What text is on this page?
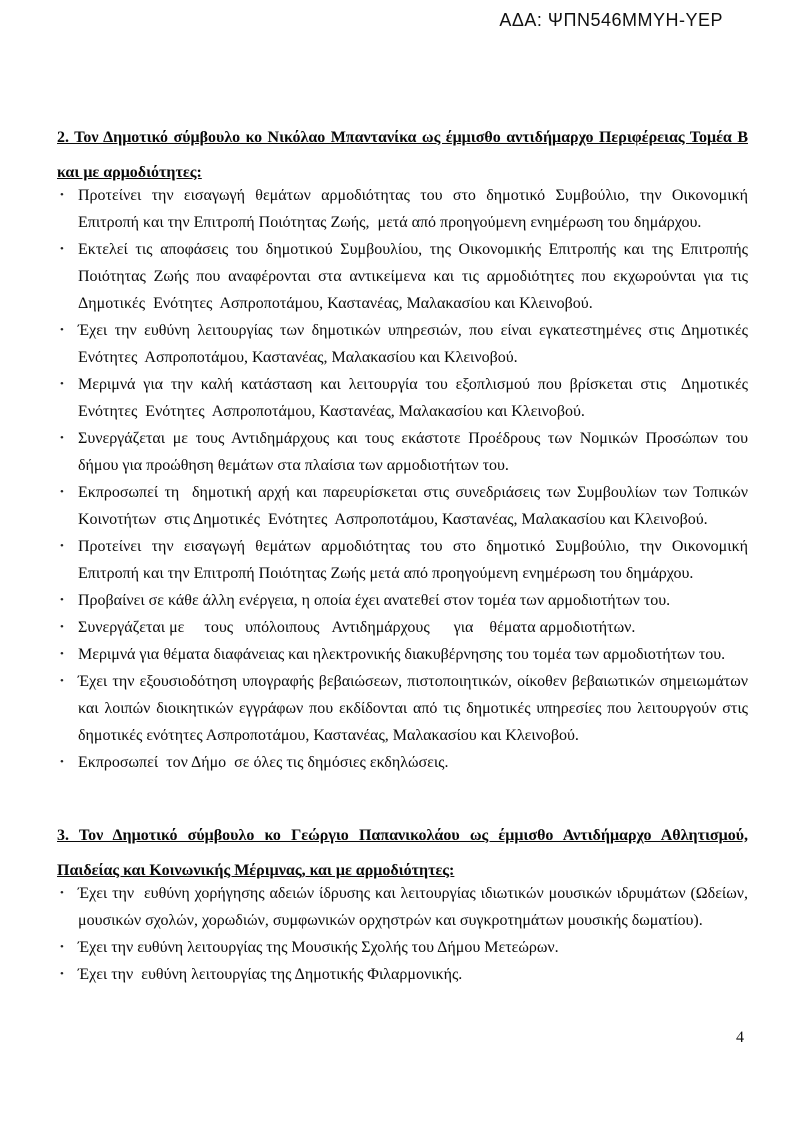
ΑΔΑ: ΨΠΝ546ΜΜΥΗ-ΥΕΡ
2. Τον Δημοτικό σύμβουλο κο Νικόλαο Μπαντανίκα ως έμμισθο αντιδήμαρχο Περιφέρειας Τομέα Β και με αρμοδιότητες:
• Προτείνει την εισαγωγή θεμάτων αρμοδιότητας του στο δημοτικό Συμβούλιο, την Οικονομική Επιτροπή και την Επιτροπή Ποιότητας Ζωής,  μετά από προηγούμενη ενημέρωση του δημάρχου.
• Εκτελεί τις αποφάσεις του δημοτικού Συμβουλίου, της Οικονομικής Επιτροπής και της Επιτροπής Ποιότητας Ζωής που αναφέρονται στα αντικείμενα και τις αρμοδιότητες που εκχωρούνται για τις Δημοτικές  Ενότητες  Ασπροποτάμου, Καστανέας, Μαλακασίου και Κλεινοβού.
• Έχει την ευθύνη λειτουργίας των δημοτικών υπηρεσιών, που είναι εγκατεστημένες στις Δημοτικές Ενότητες  Ασπροποτάμου, Καστανέας, Μαλακασίου και Κλεινοβού.
• Μεριμνά για την καλή κατάσταση και λειτουργία του εξοπλισμού που βρίσκεται στις  Δημοτικές Ενότητες  Ενότητες  Ασπροποτάμου, Καστανέας, Μαλακασίου και Κλεινοβού.
• Συνεργάζεται με τους Αντιδημάρχους και τους εκάστοτε Προέδρους των Νομικών Προσώπων του δήμου για προώθηση θεμάτων στα πλαίσια των αρμοδιοτήτων του.
• Εκπροσωπεί τη  δημοτική αρχή και παρευρίσκεται στις συνεδριάσεις των Συμβουλίων των Τοπικών Κοινοτήτων  στις Δημοτικές  Ενότητες  Ασπροποτάμου, Καστανέας, Μαλακασίου και Κλεινοβού.
• Προτείνει την εισαγωγή θεμάτων αρμοδιότητας του στο δημοτικό Συμβούλιο, την Οικονομική Επιτροπή και την Επιτροπή Ποιότητας Ζωής μετά από προηγούμενη ενημέρωση του δημάρχου.
• Προβαίνει σε κάθε άλλη ενέργεια, η οποία έχει ανατεθεί στον τομέα των αρμοδιοτήτων του.
• Συνεργάζεται με     τους   υπόλοιπους   Αντιδημάρχους      για    θέματα αρμοδιοτήτων.
• Μεριμνά για θέματα διαφάνειας και ηλεκτρονικής διακυβέρνησης του τομέα των αρμοδιοτήτων του.
• Έχει την εξουσιοδότηση υπογραφής βεβαιώσεων, πιστοποιητικών, οίκοθεν βεβαιωτικών σημειωμάτων και λοιπών διοικητικών εγγράφων που εκδίδονται από τις δημοτικές υπηρεσίες που λειτουργούν στις δημοτικές ενότητες Ασπροποτάμου, Καστανέας, Μαλακασίου και Κλεινοβού.
• Εκπροσωπεί  τον Δήμο  σε όλες τις δημόσιες εκδηλώσεις.
3. Τον Δημοτικό σύμβουλο κο Γεώργιο Παπανικολάου ως έμμισθο Αντιδήμαρχο Αθλητισμού, Παιδείας και Κοινωνικής Μέριμνας, και με αρμοδιότητες:
• Έχει την  ευθύνη χορήγησης αδειών ίδρυσης και λειτουργίας ιδιωτικών μουσικών ιδρυμάτων (Ωδείων, μουσικών σχολών, χορωδιών, συμφωνικών ορχηστρών και συγκροτημάτων μουσικής δωματίου).
• Έχει την ευθύνη λειτουργίας της Μουσικής Σχολής του Δήμου Μετεώρων.
• Έχει την  ευθύνη λειτουργίας της Δημοτικής Φιλαρμονικής.
4
